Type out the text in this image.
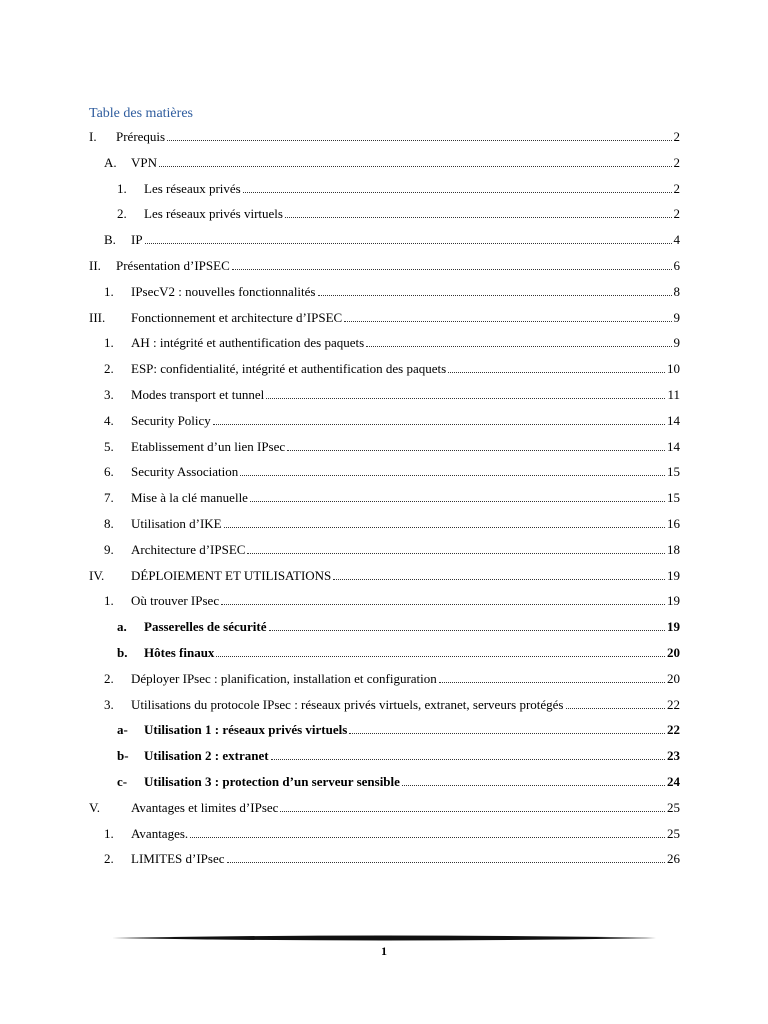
Table des matières
I. Prérequis	2
A. VPN	2
1. Les réseaux privés	2
2. Les réseaux privés virtuels	2
B. IP	4
II. Présentation d’IPSEC	6
1. IPsecV2 : nouvelles fonctionnalités	8
III. Fonctionnement et architecture d’IPSEC	9
1. AH : intégrité et authentification des paquets	9
2. ESP: confidentialité, intégrité et authentification des paquets	10
3. Modes transport et tunnel	11
4. Security Policy	14
5. Etablissement d’un lien IPsec	14
6. Security Association	15
7. Mise à la clé manuelle	15
8. Utilisation d’IKE	16
9. Architecture d’IPSEC	18
IV. DÉPLOIEMENT ET UTILISATIONS	19
1. Où trouver IPsec	19
a. Passerelles de sécurité	19
b. Hôtes finaux	20
2. Déployer IPsec : planification, installation et configuration	20
3. Utilisations du protocole IPsec : réseaux privés virtuels, extranet, serveurs protégés	22
a- Utilisation 1 : réseaux privés virtuels	22
b- Utilisation 2 : extranet	23
c- Utilisation 3 : protection d’un serveur sensible	24
V. Avantages et limites d’IPsec	25
1. Avantages.	25
2. LIMITES d’IPsec	26
1
